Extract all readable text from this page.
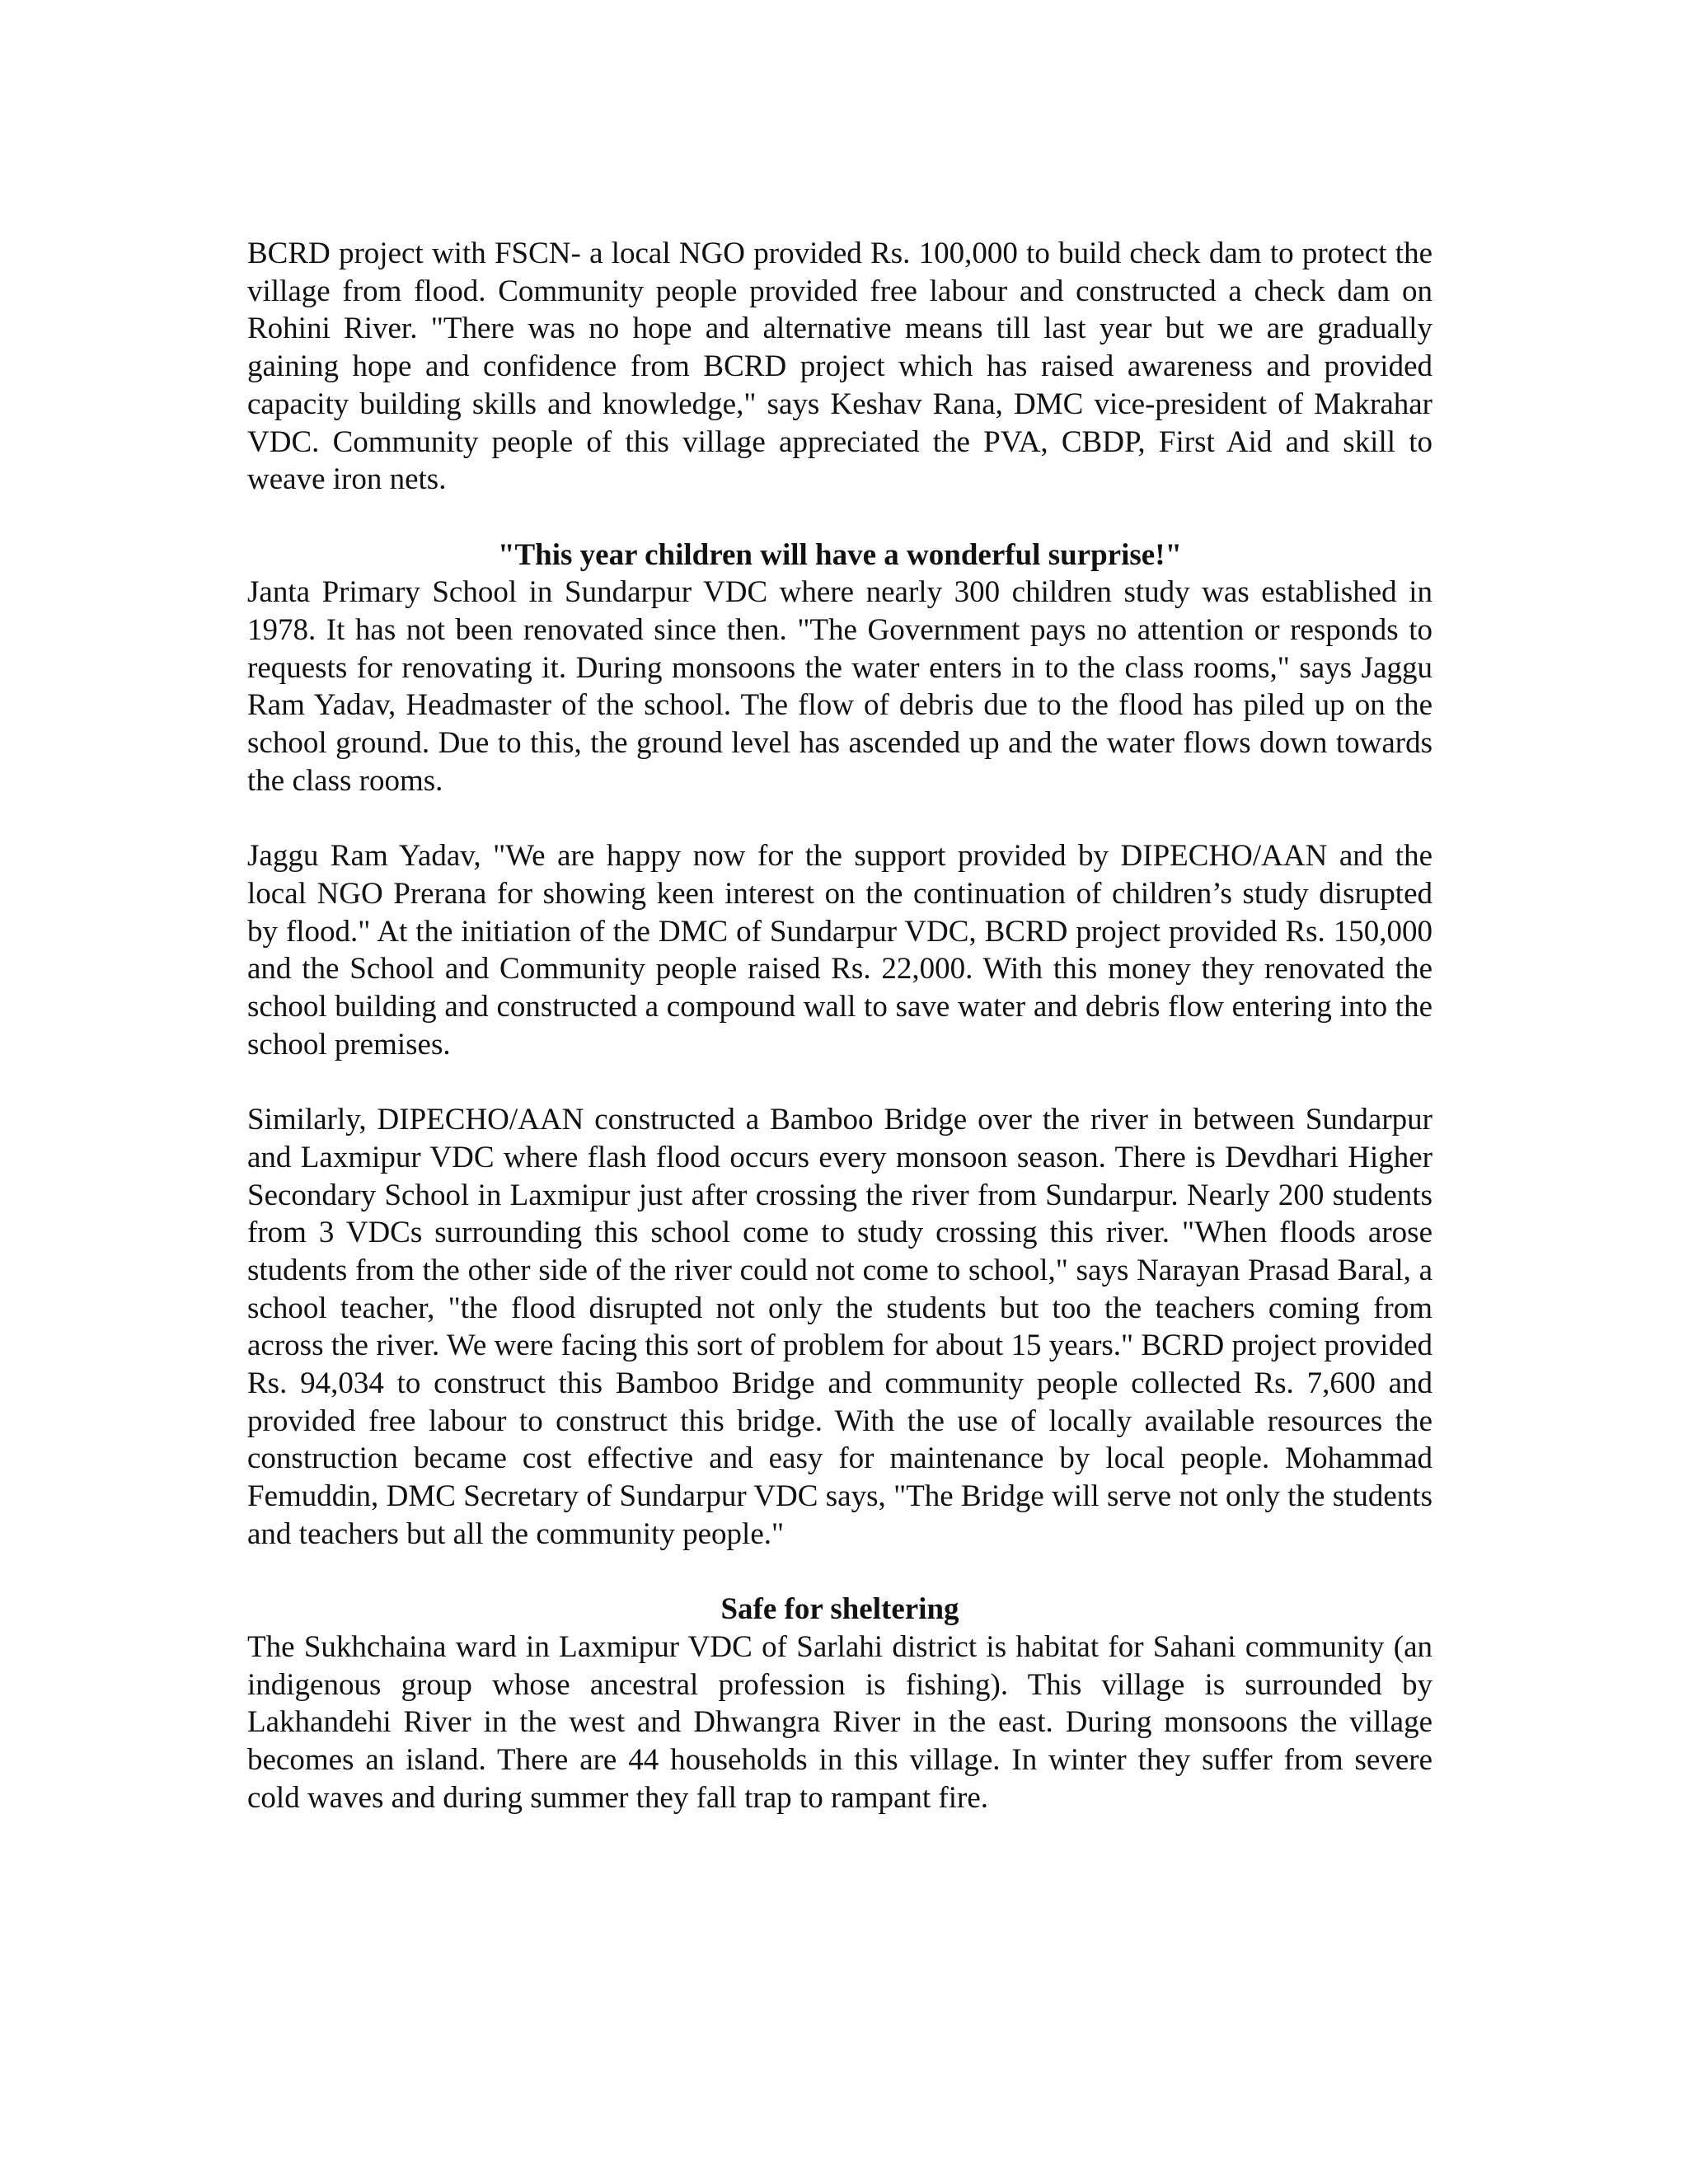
BCRD project with FSCN- a local NGO provided Rs. 100,000 to build check dam to protect the village from flood. Community people provided free labour and constructed a check dam on Rohini River. "There was no hope and alternative means till last year but we are gradually gaining hope and confidence from BCRD project which has raised awareness and provided capacity building skills and knowledge," says Keshav Rana, DMC vice-president of Makrahar VDC. Community people of this village appreciated the PVA, CBDP, First Aid and skill to weave iron nets.

"This year children will have a wonderful surprise!"

Janta Primary School in Sundarpur VDC where nearly 300 children study was established in 1978. It has not been renovated since then. "The Government pays no attention or responds to requests for renovating it. During monsoons the water enters in to the class rooms," says Jaggu Ram Yadav, Headmaster of the school. The flow of debris due to the flood has piled up on the school ground. Due to this, the ground level has ascended up and the water flows down towards the class rooms.

Jaggu Ram Yadav, "We are happy now for the support provided by DIPECHO/AAN and the local NGO Prerana for showing keen interest on the continuation of children’s study disrupted by flood." At the initiation of the DMC of Sundarpur VDC, BCRD project provided Rs. 150,000 and the School and Community people raised Rs. 22,000. With this money they renovated the school building and constructed a compound wall to save water and debris flow entering into the school premises.

Similarly, DIPECHO/AAN constructed a Bamboo Bridge over the river in between Sundarpur and Laxmipur VDC where flash flood occurs every monsoon season. There is Devdhari Higher Secondary School in Laxmipur just after crossing the river from Sundarpur. Nearly 200 students from 3 VDCs surrounding this school come to study crossing this river. "When floods arose students from the other side of the river could not come to school," says Narayan Prasad Baral, a school teacher, "the flood disrupted not only the students but too the teachers coming from across the river. We were facing this sort of problem for about 15 years." BCRD project provided Rs. 94,034 to construct this Bamboo Bridge and community people collected Rs. 7,600 and provided free labour to construct this bridge. With the use of locally available resources the construction became cost effective and easy for maintenance by local people. Mohammad Femuddin, DMC Secretary of Sundarpur VDC says, "The Bridge will serve not only the students and teachers but all the community people."

Safe for sheltering

The Sukhchaina ward in Laxmipur VDC of Sarlahi district is habitat for Sahani community (an indigenous group whose ancestral profession is fishing). This village is surrounded by Lakhandehi River in the west and Dhwangra River in the east. During monsoons the village becomes an island. There are 44 households in this village. In winter they suffer from severe cold waves and during summer they fall trap to rampant fire.
